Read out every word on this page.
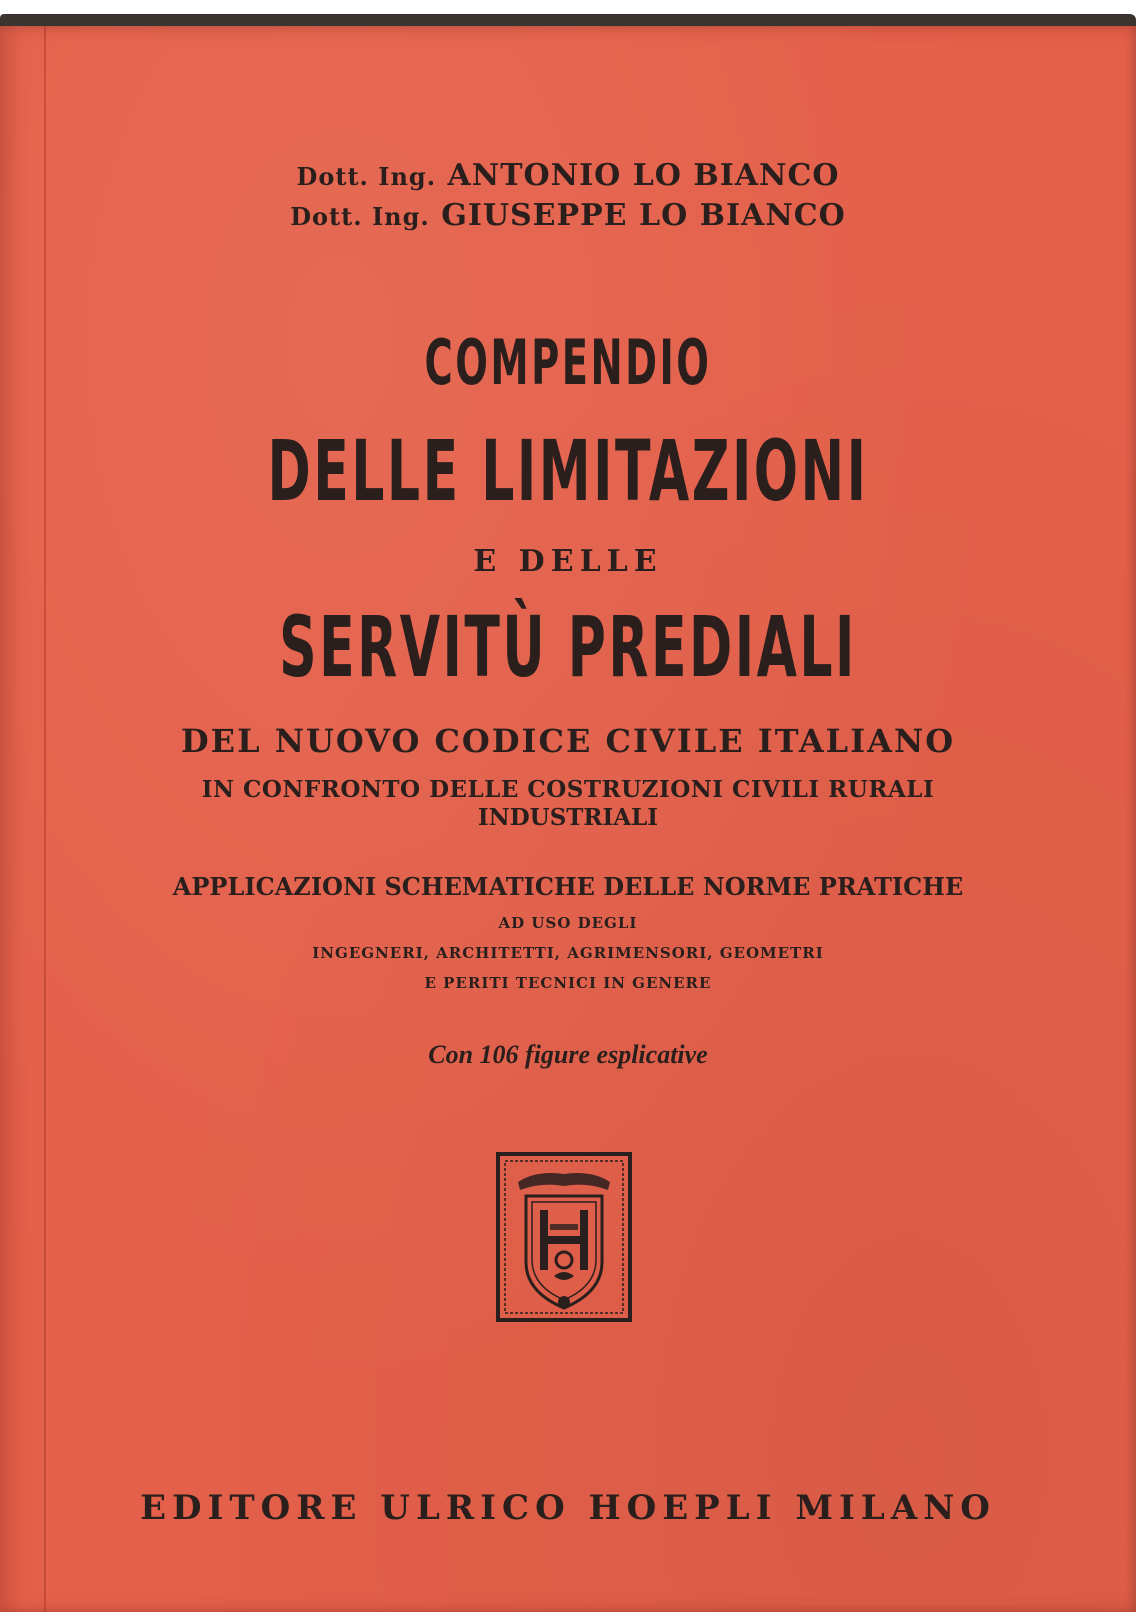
Dott. Ing. ANTONIO LO BIANCO
Dott. Ing. GIUSEPPE LO BIANCO
COMPENDIO
DELLE LIMITAZIONI
E DELLE
SERVITÙ PREDIALI
DEL NUOVO CODICE CIVILE ITALIANO
IN CONFRONTO DELLE COSTRUZIONI CIVILI RURALI
INDUSTRIALI
APPLICAZIONI SCHEMATICHE DELLE NORME PRATICHE
AD USO DEGLI
INGEGNERI, ARCHITETTI, AGRIMENSORI, GEOMETRI
E PERITI TECNICI IN GENERE
Con 106 figure esplicative
EDITORE ULRICO HOEPLI MILANO
